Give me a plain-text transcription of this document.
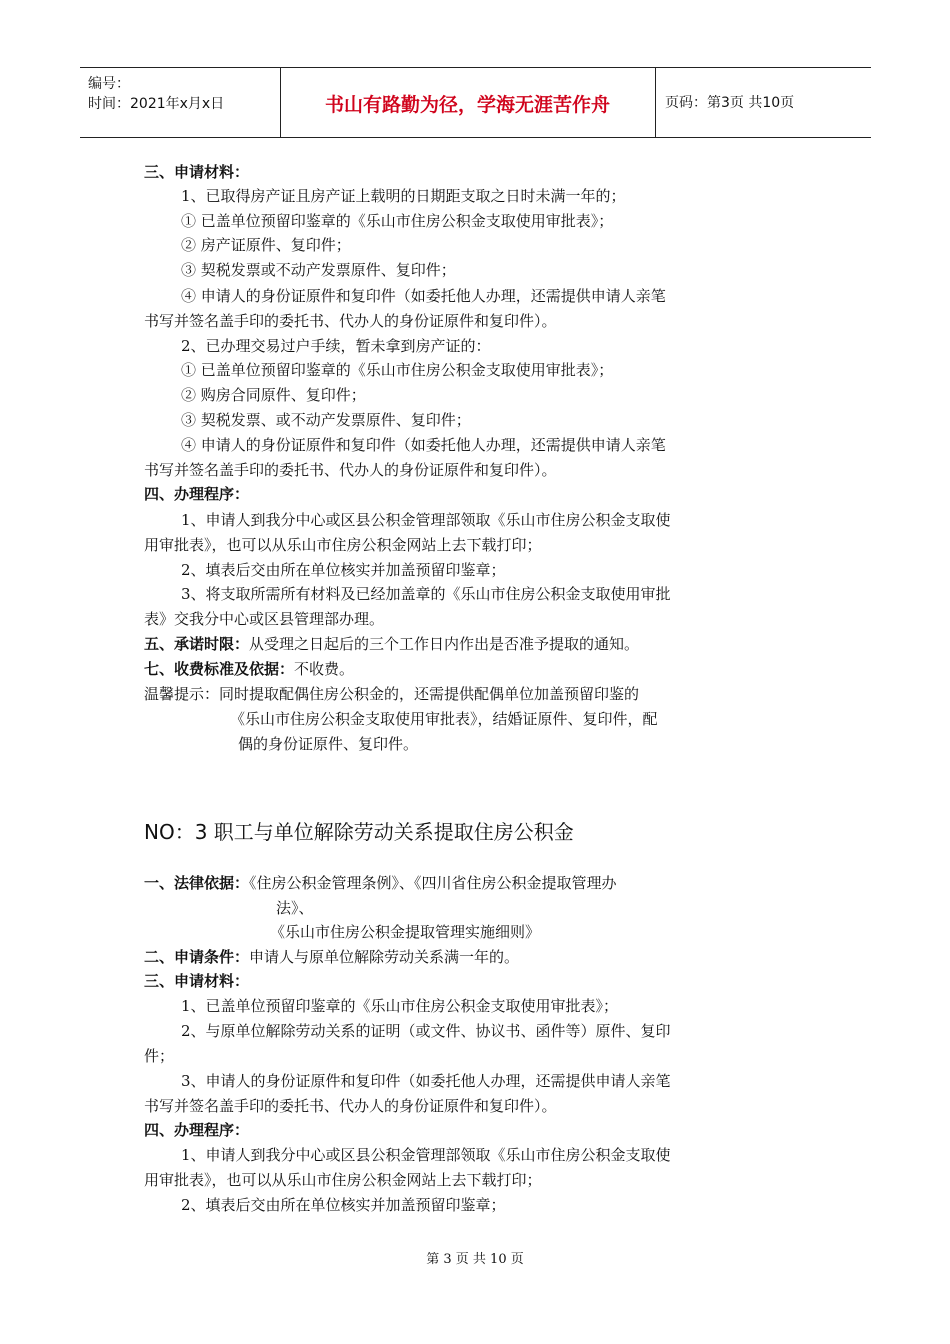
编号：
时间：2021年x月x日	书山有路勤为径，学海无涯苦作舟	页码：第3页 共10页
三、申请材料：
1、已取得房产证且房产证上载明的日期距支取之日时未满一年的；
① 已盖单位预留印鉴章的《乐山市住房公积金支取使用审批表》；
② 房产证原件、复印件；
③ 契税发票或不动产发票原件、复印件；
④ 申请人的身份证原件和复印件（如委托他人办理，还需提供申请人亲笔
书写并签名盖手印的委托书、代办人的身份证原件和复印件）。
2、已办理交易过户手续，暂未拿到房产证的：
① 已盖单位预留印鉴章的《乐山市住房公积金支取使用审批表》；
② 购房合同原件、复印件；
③ 契税发票、或不动产发票原件、复印件；
④ 申请人的身份证原件和复印件（如委托他人办理，还需提供申请人亲笔
书写并签名盖手印的委托书、代办人的身份证原件和复印件）。
四、办理程序：
1、申请人到我分中心或区县公积金管理部领取《乐山市住房公积金支取使
用审批表》，也可以从乐山市住房公积金网站上去下载打印；
2、填表后交由所在单位核实并加盖预留印鉴章；
3、将支取所需所有材料及已经加盖章的《乐山市住房公积金支取使用审批
表》交我分中心或区县管理部办理。
五、承诺时限：从受理之日起后的三个工作日内作出是否准予提取的通知。
七、收费标准及依据：不收费。
温馨提示：同时提取配偶住房公积金的，还需提供配偶单位加盖预留印鉴的
《乐山市住房公积金支取使用审批表》，结婚证原件、复印件，配
偶的身份证原件、复印件。
NO：3 职工与单位解除劳动关系提取住房公积金
一、法律依据：《住房公积金管理条例》、《四川省住房公积金提取管理办
法》、
《乐山市住房公积金提取管理实施细则》
二、申请条件：申请人与原单位解除劳动关系满一年的。
三、申请材料：
1、已盖单位预留印鉴章的《乐山市住房公积金支取使用审批表》；
2、与原单位解除劳动关系的证明（或文件、协议书、函件等）原件、复印
件；
3、申请人的身份证原件和复印件（如委托他人办理，还需提供申请人亲笔
书写并签名盖手印的委托书、代办人的身份证原件和复印件）。
四、办理程序：
1、申请人到我分中心或区县公积金管理部领取《乐山市住房公积金支取使
用审批表》，也可以从乐山市住房公积金网站上去下载打印；
2、填表后交由所在单位核实并加盖预留印鉴章；
第 3 页 共 10 页
